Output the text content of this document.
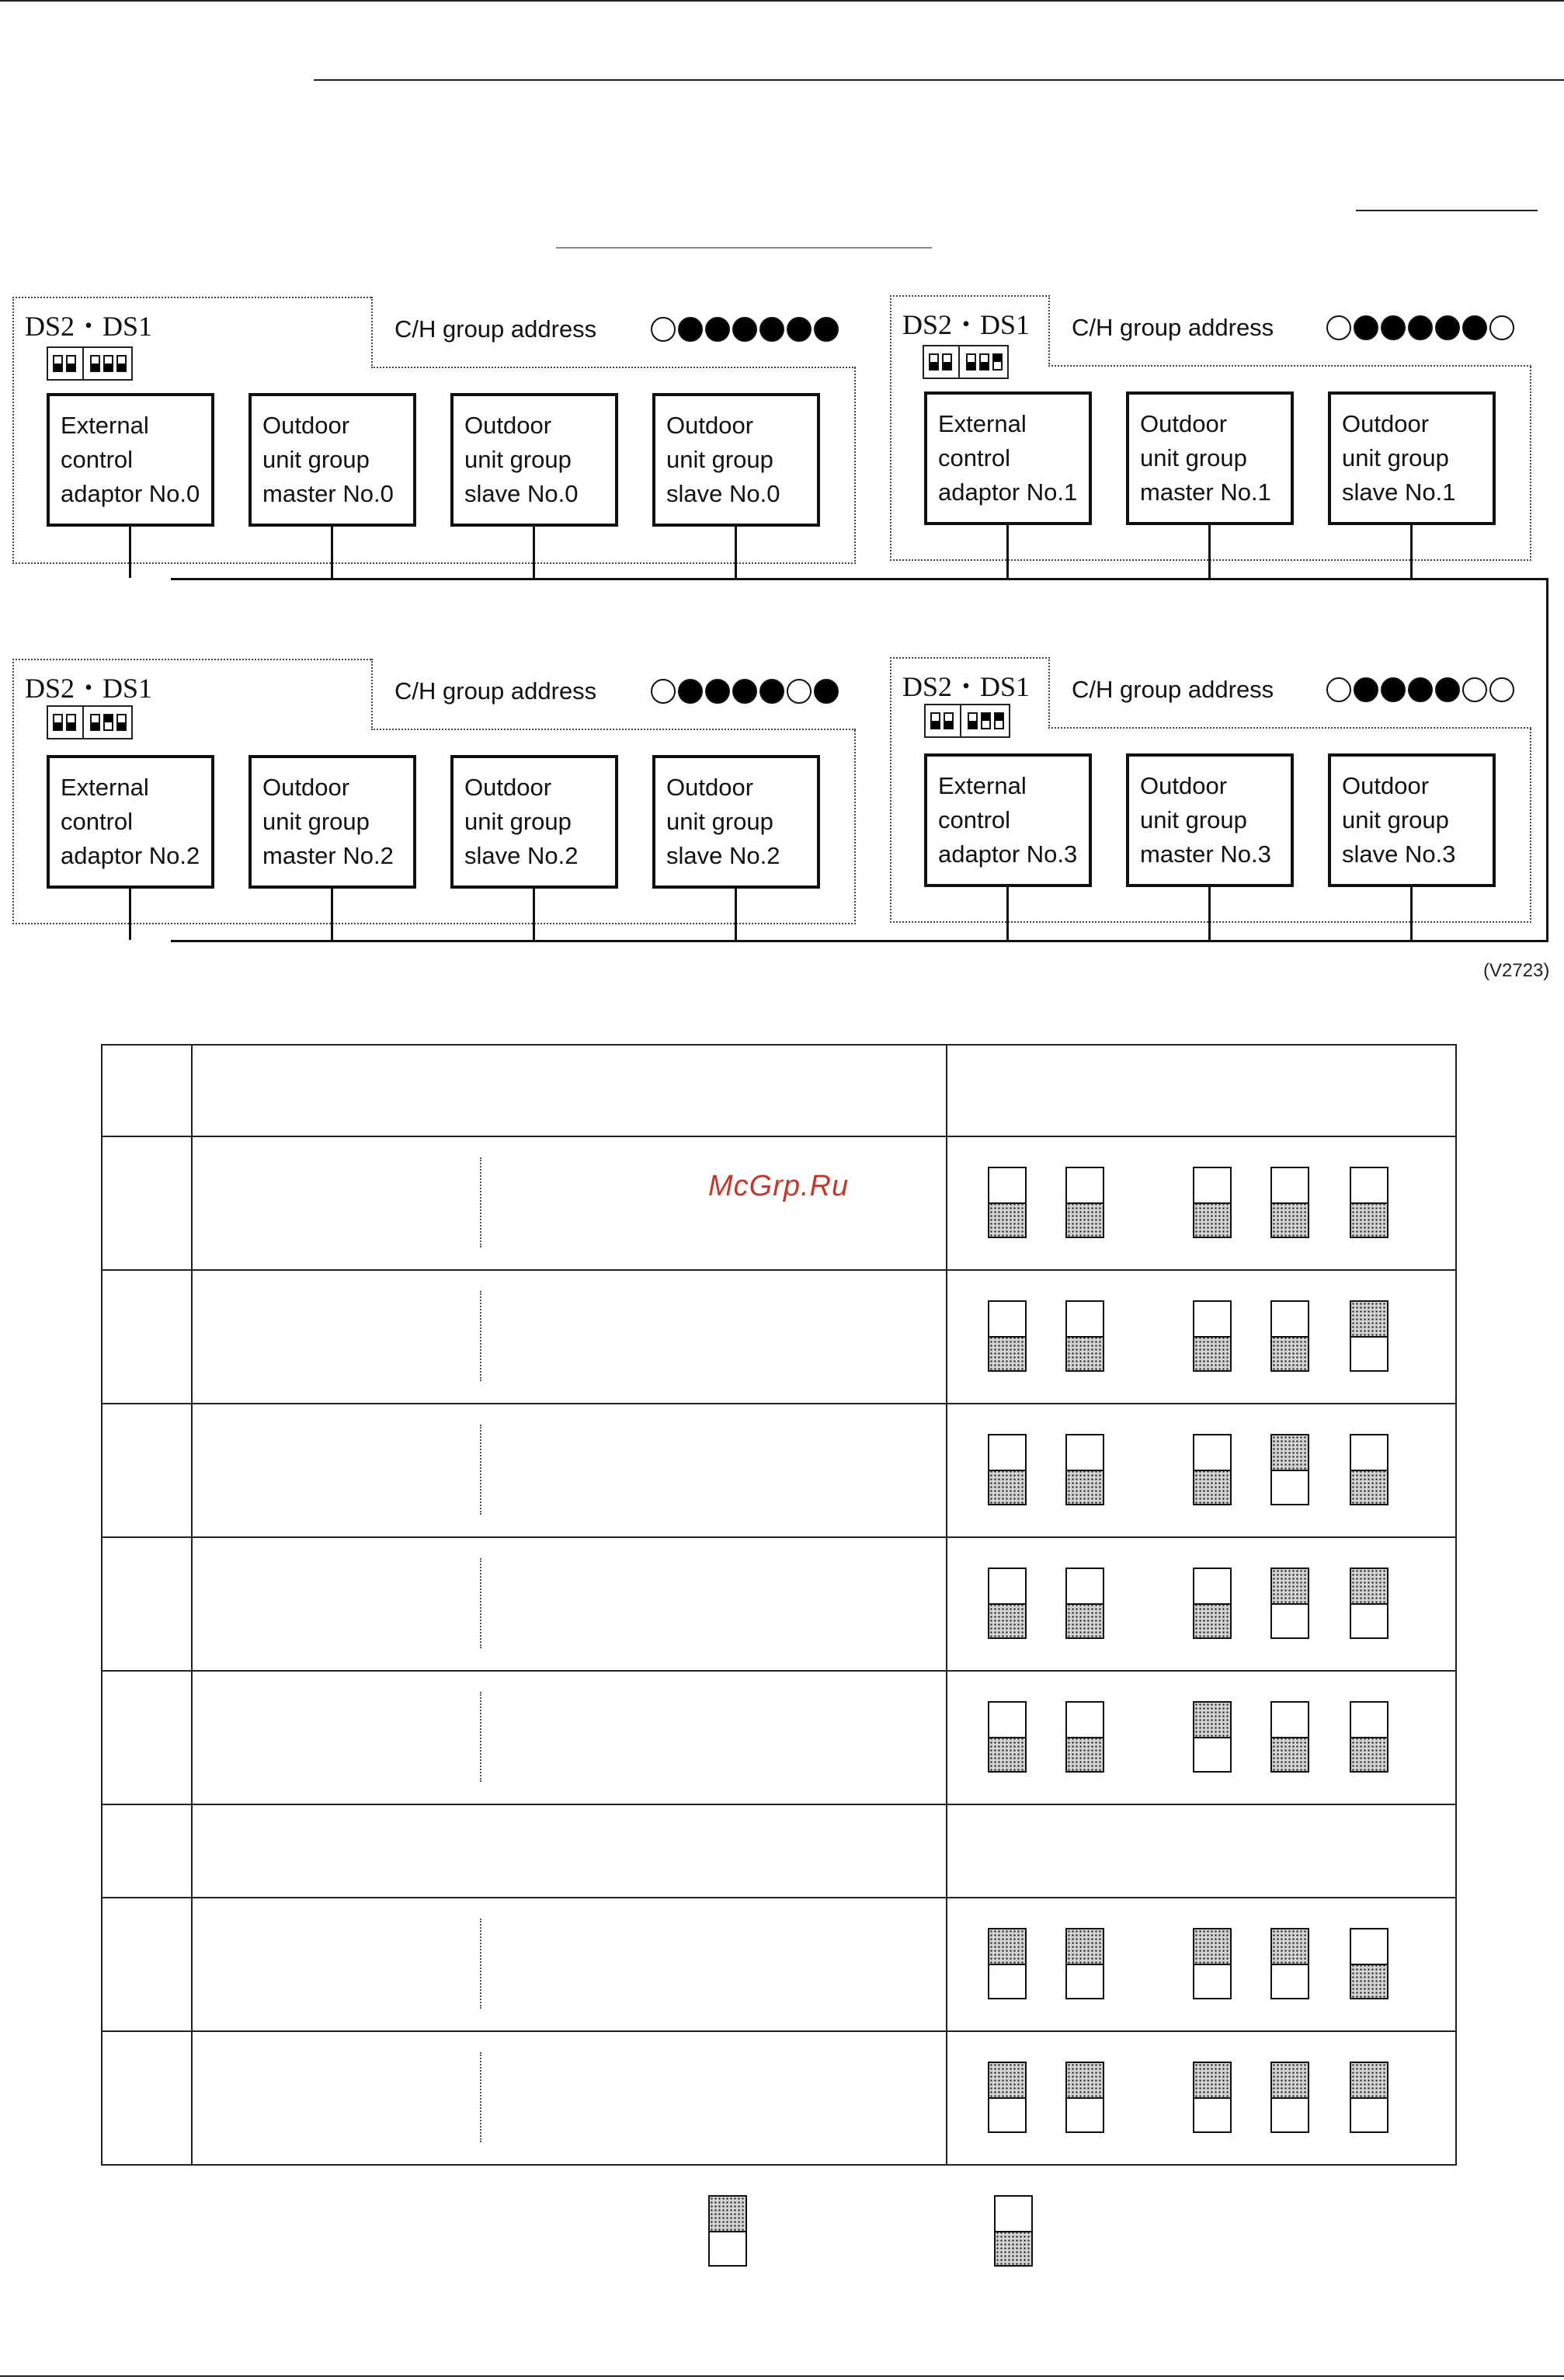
DS2・DS1	C/H group address
External
control
adaptor No.0
Outdoor
unit group
master No.0
Outdoor
unit group
slave No.0
Outdoor
unit group
slave No.0
DS2・DS1 C/H group address
External
control
adaptor No.1
Outdoor
unit group
master No.1
Outdoor
unit group
slave No.1
DS2・DS1	C/H group address
External
control
adaptor No.2
Outdoor
unit group
master No.2
Outdoor
unit group
slave No.2
Outdoor
unit group
slave No.2
DS2・DS1 C/H group address
External
control
adaptor No.3
Outdoor
unit group
master No.3
Outdoor
unit group
slave No.3
(V2723)
McGrp.Ru
